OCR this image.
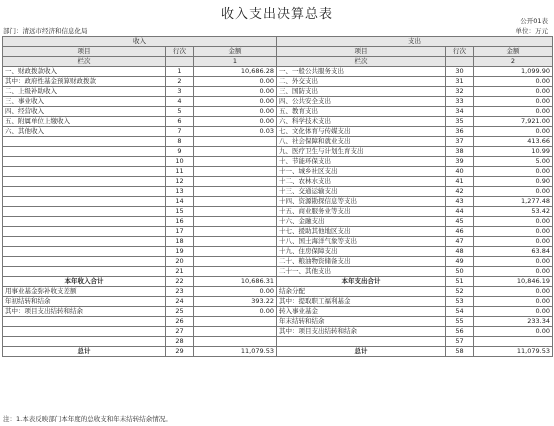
收入支出决算总表	公开01表
部门：清远市经济和信息化局	单位：万元
收入			支出		
项目	行次	金额	项目	行次	金额
栏次		1	栏次		2
一、财政拨款收入	1	10,686.28	一、一般公共服务支出	30	1,099.90
其中：政府性基金预算财政拨款	2	0.00	二、外交支出	31	0.00
二、上级补助收入	3	0.00	三、国防支出	32	0.00
三、事业收入	4	0.00	四、公共安全支出	33	0.00
四、经营收入	5	0.00	五、教育支出	34	0.00
五、附属单位上缴收入	6	0.00	六、科学技术支出	35	7,921.00
六、其他收入	7	0.03	七、文化体育与传媒支出	36	0.00
	8		八、社会保障和就业支出	37	413.66
	9		九、医疗卫生与计划生育支出	38	10.99
	10		十、节能环保支出	39	5.00
	11		十一、城乡社区支出	40	0.00
	12		十二、农林水支出	41	0.90
	13		十三、交通运输支出	42	0.00
	14		十四、资源勘探信息等支出	43	1,277.48
	15		十五、商业服务业等支出	44	53.42
	16		十六、金融支出	45	0.00
	17		十七、援助其他地区支出	46	0.00
	18		十八、国土海洋气象等支出	47	0.00
	19		十九、住房保障支出	48	63.84
	20		二十、粮油物资储备支出	49	0.00
	21		二十一、其他支出	50	0.00
本年收入合计	22	10,686.31	本年支出合计	51	10,846.19
用事业基金弥补收支差额	23	0.00	结余分配	52	0.00
年初结转和结余	24	393.22	其中：提取职工福利基金	53	0.00
其中：项目支出结转和结余	25	0.00	转入事业基金	54	0.00
	26		年末结转和结余	55	233.34
	27		其中：项目支出结转和结余	56	0.00
	28			57	
总计	29	11,079.53	总计	58	11,079.53
注：1.本表反映部门本年度的总收支和年末结转结余情况。
